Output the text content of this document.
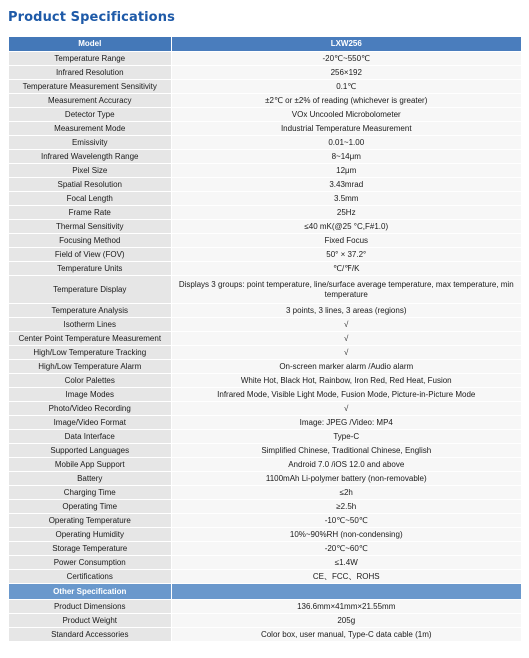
Product Specifications
Model	LXW256
Temperature Range	-20℃~550℃
Infrared Resolution	256×192
Temperature Measurement Sensitivity	0.1℃
Measurement Accuracy	±2℃ or ±2% of reading (whichever is greater)
Detector Type	VOx Uncooled Microbolometer
Measurement Mode	Industrial Temperature Measurement
Emissivity	0.01~1.00
Infrared Wavelength Range	8~14μm
Pixel Size	12μm
Spatial Resolution	3.43mrad
Focal Length	3.5mm
Frame Rate	25Hz
Thermal Sensitivity	≤40 mK(@25 °C,F#1.0)
Focusing Method	Fixed Focus
Field of View (FOV)	50° × 37.2°
Temperature Units	℃/℉/K
Temperature Display	Displays 3 groups: point temperature, line/surface average temperature, max temperature, min temperature
Temperature Analysis	3 points, 3 lines, 3 areas (regions)
Isotherm Lines	√
Center Point Temperature Measurement	√
High/Low Temperature Tracking	√
High/Low Temperature Alarm	On-screen marker alarm /Audio alarm
Color Palettes	White Hot, Black Hot, Rainbow, Iron Red, Red Heat, Fusion
Image Modes	Infrared Mode, Visible Light Mode, Fusion Mode, Picture-in-Picture Mode
Photo/Video Recording	√
Image/Video Format	Image: JPEG /Video: MP4
Data Interface	Type-C
Supported Languages	Simplified Chinese, Traditional Chinese, English
Mobile App Support	Android 7.0 /iOS 12.0 and above
Battery	1100mAh Li-polymer battery (non-removable)
Charging Time	≤2h
Operating Time	≥2.5h
Operating Temperature	-10℃~50℃
Operating Humidity	10%~90%RH (non-condensing)
Storage Temperature	-20℃~60℃
Power Consumption	≤1.4W
Certifications	CE、FCC、ROHS
Other Specification	
Product Dimensions	136.6mm×41mm×21.55mm
Product Weight	205g
Standard Accessories	Color box, user manual, Type-C data cable (1m)
